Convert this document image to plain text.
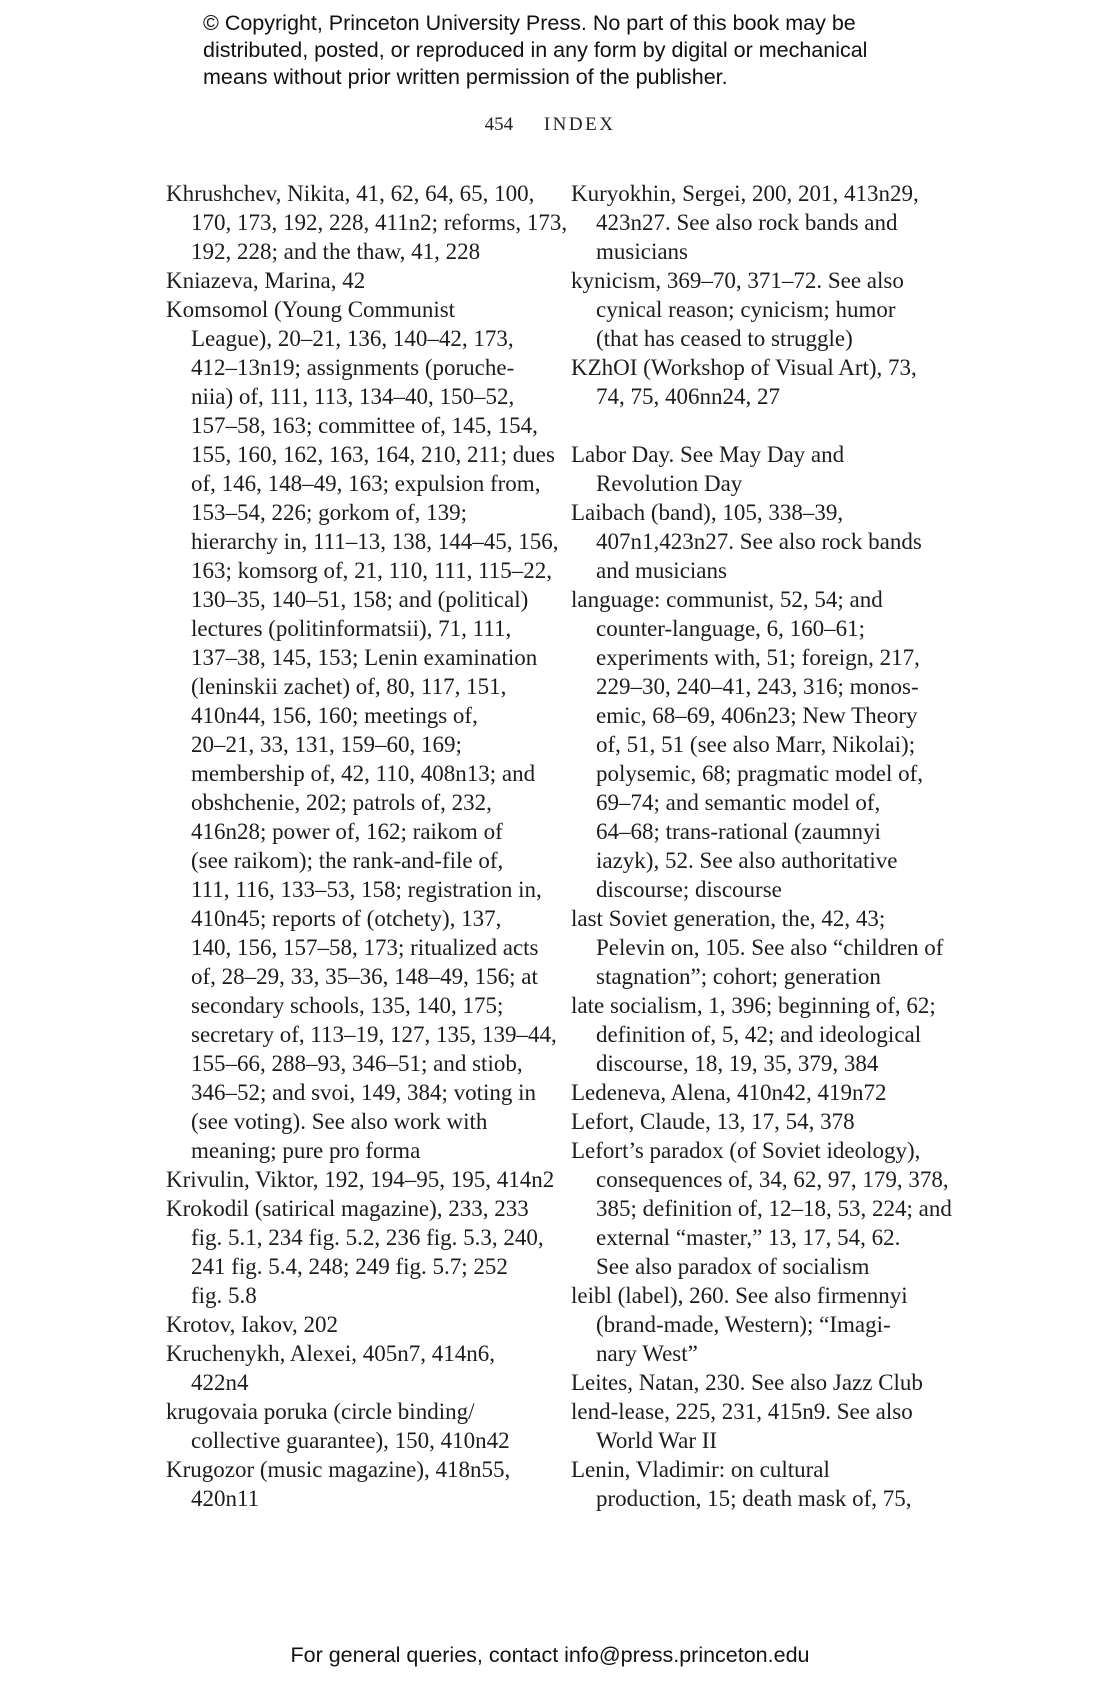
© Copyright, Princeton University Press. No part of this book may be
distributed, posted, or reproduced in any form by digital or mechanical
means without prior written permission of the publisher.
454 INDEX
Khrushchev, Nikita, 41, 62, 64, 65, 100,
170, 173, 192, 228, 411n2; reforms, 173,
192, 228; and the thaw, 41, 228
Kniazeva, Marina, 42
Komsomol (Young Communist
League), 20–21, 136, 140–42, 173,
412–13n19; assignments (poruche-
niia) of, 111, 113, 134–40, 150–52,
157–58, 163; committee of, 145, 154,
155, 160, 162, 163, 164, 210, 211; dues
of, 146, 148–49, 163; expulsion from,
153–54, 226; gorkom of, 139;
hierarchy in, 111–13, 138, 144–45, 156,
163; komsorg of, 21, 110, 111, 115–22,
130–35, 140–51, 158; and (political)
lectures (politinformatsii), 71, 111,
137–38, 145, 153; Lenin examination
(leninskii zachet) of, 80, 117, 151,
410n44, 156, 160; meetings of,
20–21, 33, 131, 159–60, 169;
membership of, 42, 110, 408n13; and
obshchenie, 202; patrols of, 232,
416n28; power of, 162; raikom of
(see raikom); the rank-and-file of,
111, 116, 133–53, 158; registration in,
410n45; reports of (otchety), 137,
140, 156, 157–58, 173; ritualized acts
of, 28–29, 33, 35–36, 148–49, 156; at
secondary schools, 135, 140, 175;
secretary of, 113–19, 127, 135, 139–44,
155–66, 288–93, 346–51; and stiob,
346–52; and svoi, 149, 384; voting in
(see voting). See also work with
meaning; pure pro forma
Krivulin, Viktor, 192, 194–95, 195, 414n2
Krokodil (satirical magazine), 233, 233
fig. 5.1, 234 fig. 5.2, 236 fig. 5.3, 240,
241 fig. 5.4, 248; 249 fig. 5.7; 252
fig. 5.8
Krotov, Iakov, 202
Kruchenykh, Alexei, 405n7, 414n6,
422n4
krugovaia poruka (circle binding/
collective guarantee), 150, 410n42
Krugozor (music magazine), 418n55,
420n11
Kuryokhin, Sergei, 200, 201, 413n29,
423n27. See also rock bands and
musicians
kynicism, 369–70, 371–72. See also
cynical reason; cynicism; humor
(that has ceased to struggle)
KZhOI (Workshop of Visual Art), 73,
74, 75, 406nn24, 27
Labor Day. See May Day and
Revolution Day
Laibach (band), 105, 338–39,
407n1,423n27. See also rock bands
and musicians
language: communist, 52, 54; and
counter-language, 6, 160–61;
experiments with, 51; foreign, 217,
229–30, 240–41, 243, 316; monos-
emic, 68–69, 406n23; New Theory
of, 51, 51 (see also Marr, Nikolai);
polysemic, 68; pragmatic model of,
69–74; and semantic model of,
64–68; trans-rational (zaumnyi
iazyk), 52. See also authoritative
discourse; discourse
last Soviet generation, the, 42, 43;
Pelevin on, 105. See also “children of
stagnation”; cohort; generation
late socialism, 1, 396; beginning of, 62;
definition of, 5, 42; and ideological
discourse, 18, 19, 35, 379, 384
Ledeneva, Alena, 410n42, 419n72
Lefort, Claude, 13, 17, 54, 378
Lefort’s paradox (of Soviet ideology),
consequences of, 34, 62, 97, 179, 378,
385; definition of, 12–18, 53, 224; and
external “master,” 13, 17, 54, 62.
See also paradox of socialism
leibl (label), 260. See also firmennyi
(brand-made, Western); “Imagi-
nary West”
Leites, Natan, 230. See also Jazz Club
lend-lease, 225, 231, 415n9. See also
World War II
Lenin, Vladimir: on cultural
production, 15; death mask of, 75,
For general queries, contact info@press.princeton.edu
